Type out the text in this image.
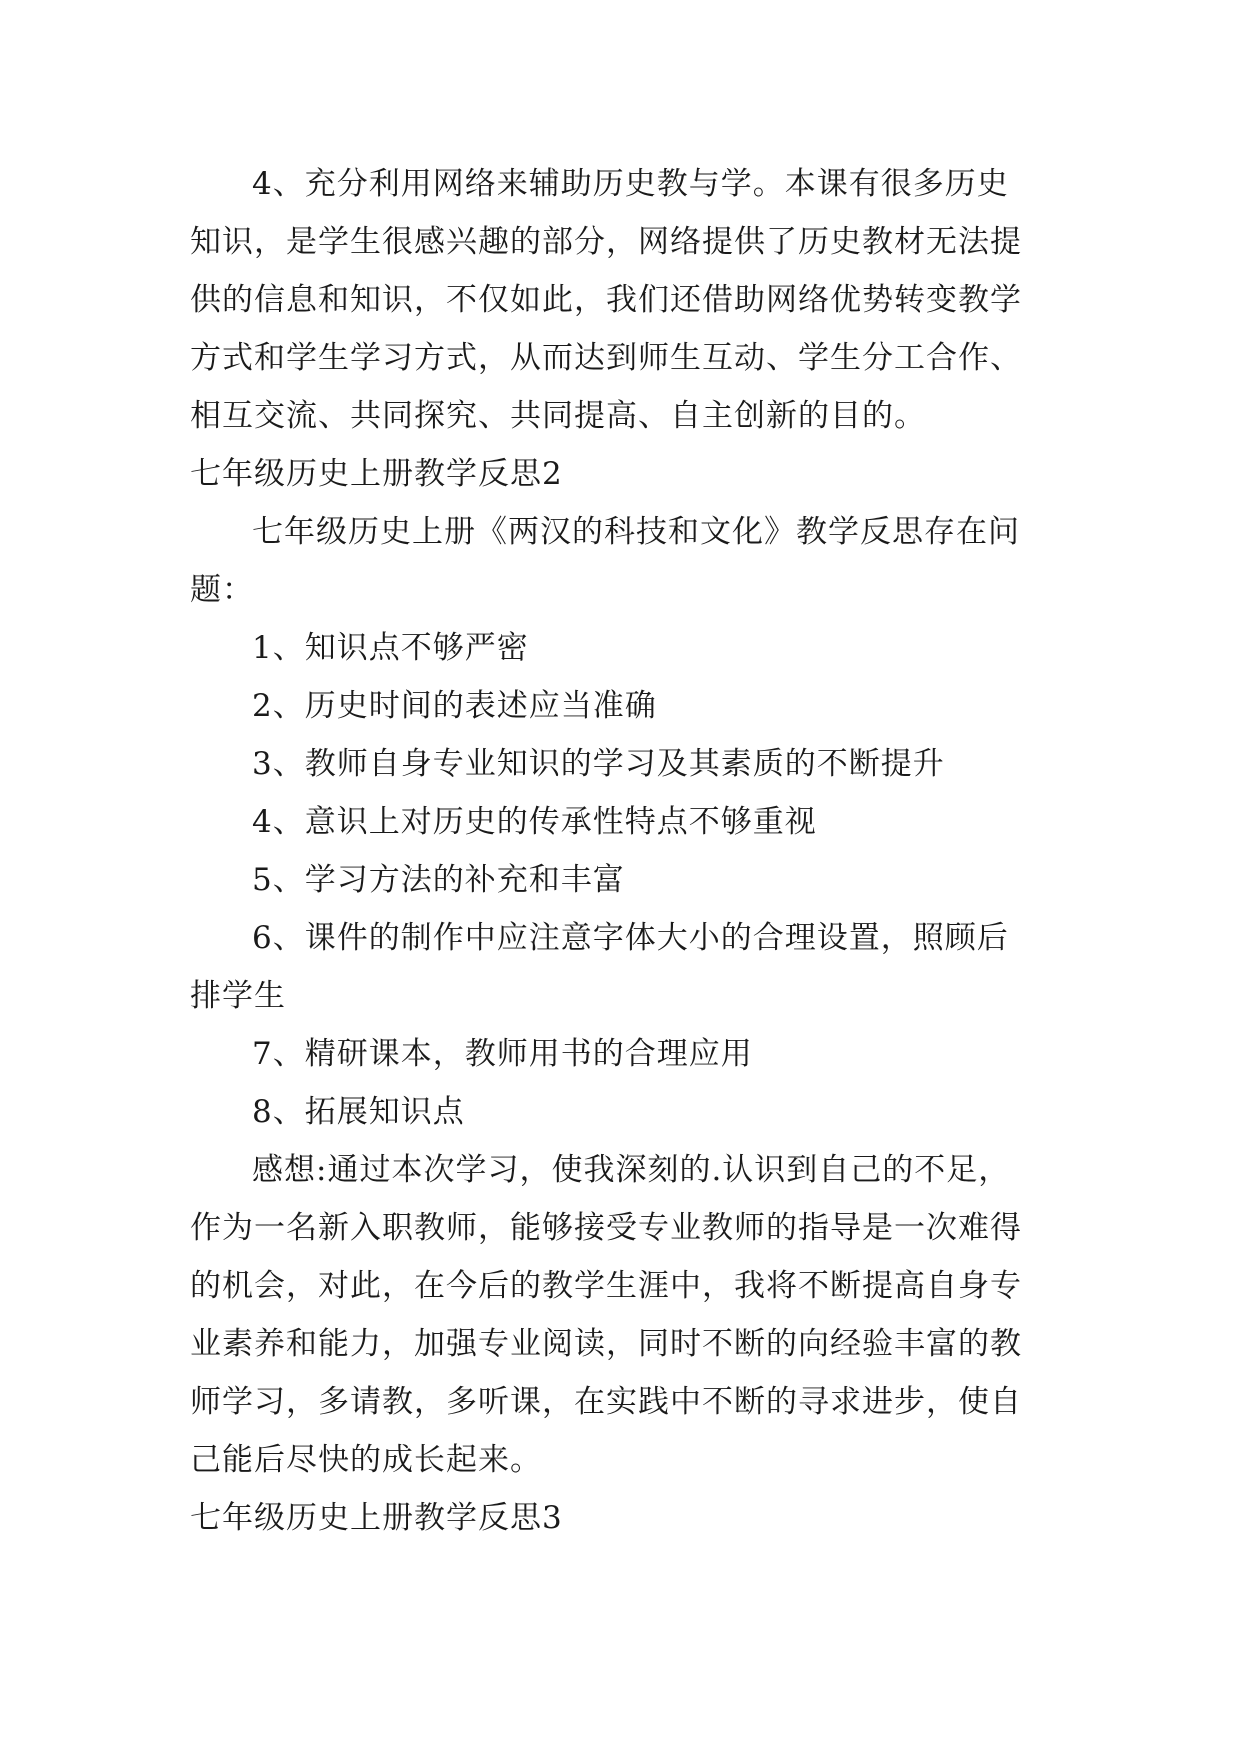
4、充分利用网络来辅助历史教与学。本课有很多历史
知识，是学生很感兴趣的部分，网络提供了历史教材无法提
供的信息和知识，不仅如此，我们还借助网络优势转变教学
方式和学生学习方式，从而达到师生互动、学生分工合作、
相互交流、共同探究、共同提高、自主创新的目的。
七年级历史上册教学反思2
七年级历史上册《两汉的科技和文化》教学反思存在问
题：
1、知识点不够严密
2、历史时间的表述应当准确
3、教师自身专业知识的学习及其素质的不断提升
4、意识上对历史的传承性特点不够重视
5、学习方法的补充和丰富
6、课件的制作中应注意字体大小的合理设置，照顾后
排学生
7、精研课本，教师用书的合理应用
8、拓展知识点
感想:通过本次学习，使我深刻的.认识到自己的不足，
作为一名新入职教师，能够接受专业教师的指导是一次难得
的机会，对此，在今后的教学生涯中，我将不断提高自身专
业素养和能力，加强专业阅读，同时不断的向经验丰富的教
师学习，多请教，多听课，在实践中不断的寻求进步，使自
己能后尽快的成长起来。
七年级历史上册教学反思3
